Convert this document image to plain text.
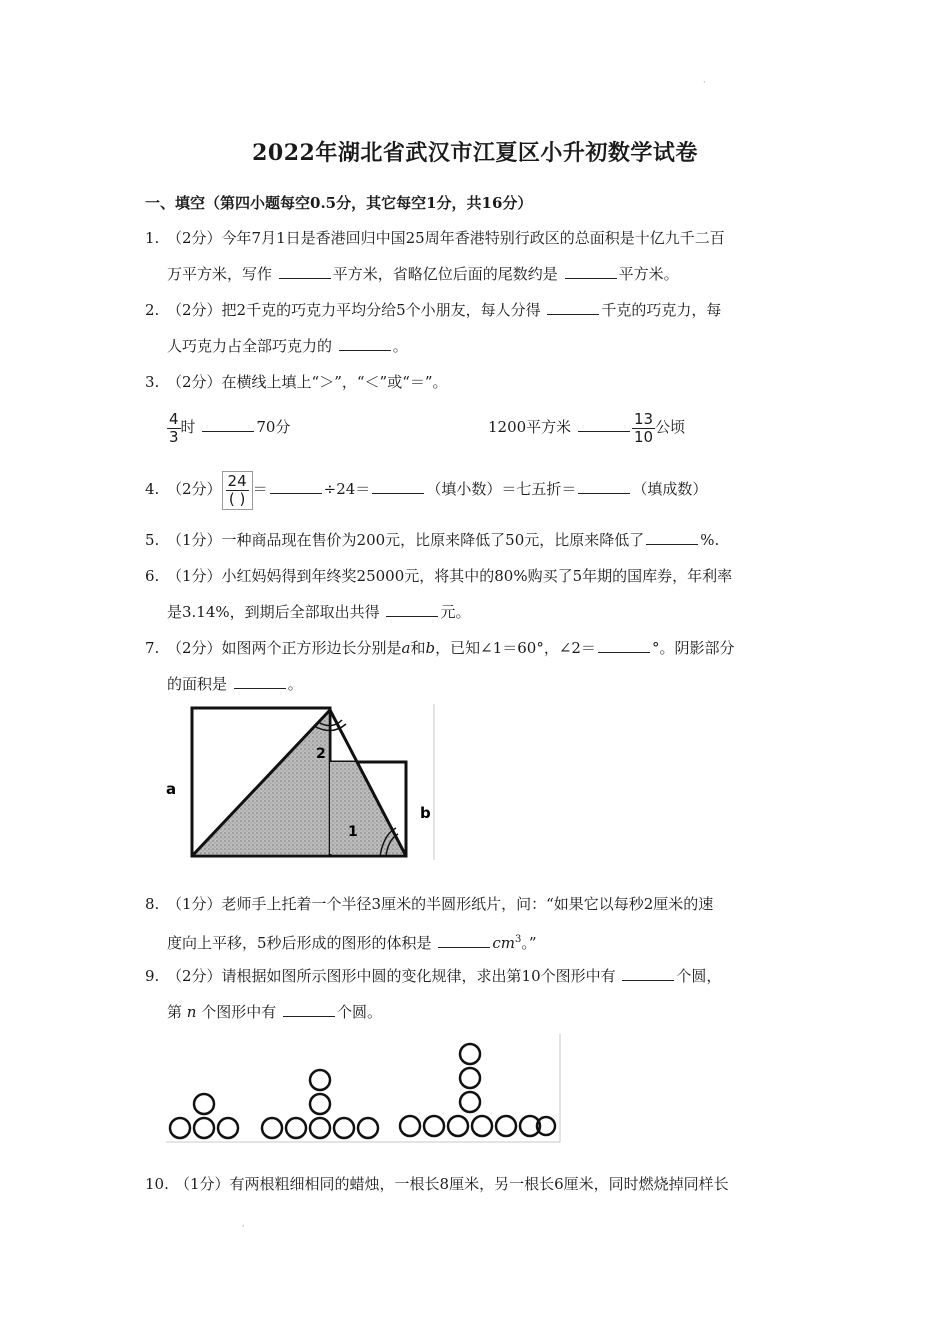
·
2022年湖北省武汉市江夏区小升初数学试卷
一、填空（第四小题每空0.5分，其它每空1分，共16分）
1. （2分）今年7月1日是香港回归中国25周年香港特别行政区的总面积是十亿九千二百
万平方米，写作	平方米，省略亿位后面的尾数约是	平方米。
2. （2分）把2千克的巧克力平均分给5个小朋友，每人分得	千克的巧克力，每
人巧克力占全部巧克力的	。
3. （2分）在横线上填上“＞”，“＜”或“＝”。
$\frac{4}{3}$ 时	70分	1200平方米	$\frac{13}{10}$ 公顷
4. （2分） $\frac{24}{( )}$ ＝	÷24＝	（填小数）＝七五折＝	（填成数）
5. （1分）一种商品现在售价为200元，比原来降低了50元，比原来降低了	%.
6. （1分）小红妈妈得到年终奖25000元，将其中的80%购买了5年期的国库券，年利率
是3.14%，到期后全部取出共得	元。
7. （2分）如图两个正方形边长分别是a和b，已知∠1＝60°，∠2＝	°。阴影部分
的面积是	。
a
b
2
1
8. （1分）老师手上托着一个半径3厘米的半圆形纸片，问：“如果它以每秒2厘米的速
度向上平移，5秒后形成的图形的体积是	$cm^3$。”
9. （2分）请根据如图所示图形中圆的变化规律，求出第10个图形中有	个圆，
第 n 个图形中有	个圆。
10. （1分）有两根粗细相同的蜡烛，一根长8厘米，另一根长6厘米，同时燃烧掉同样长
·
